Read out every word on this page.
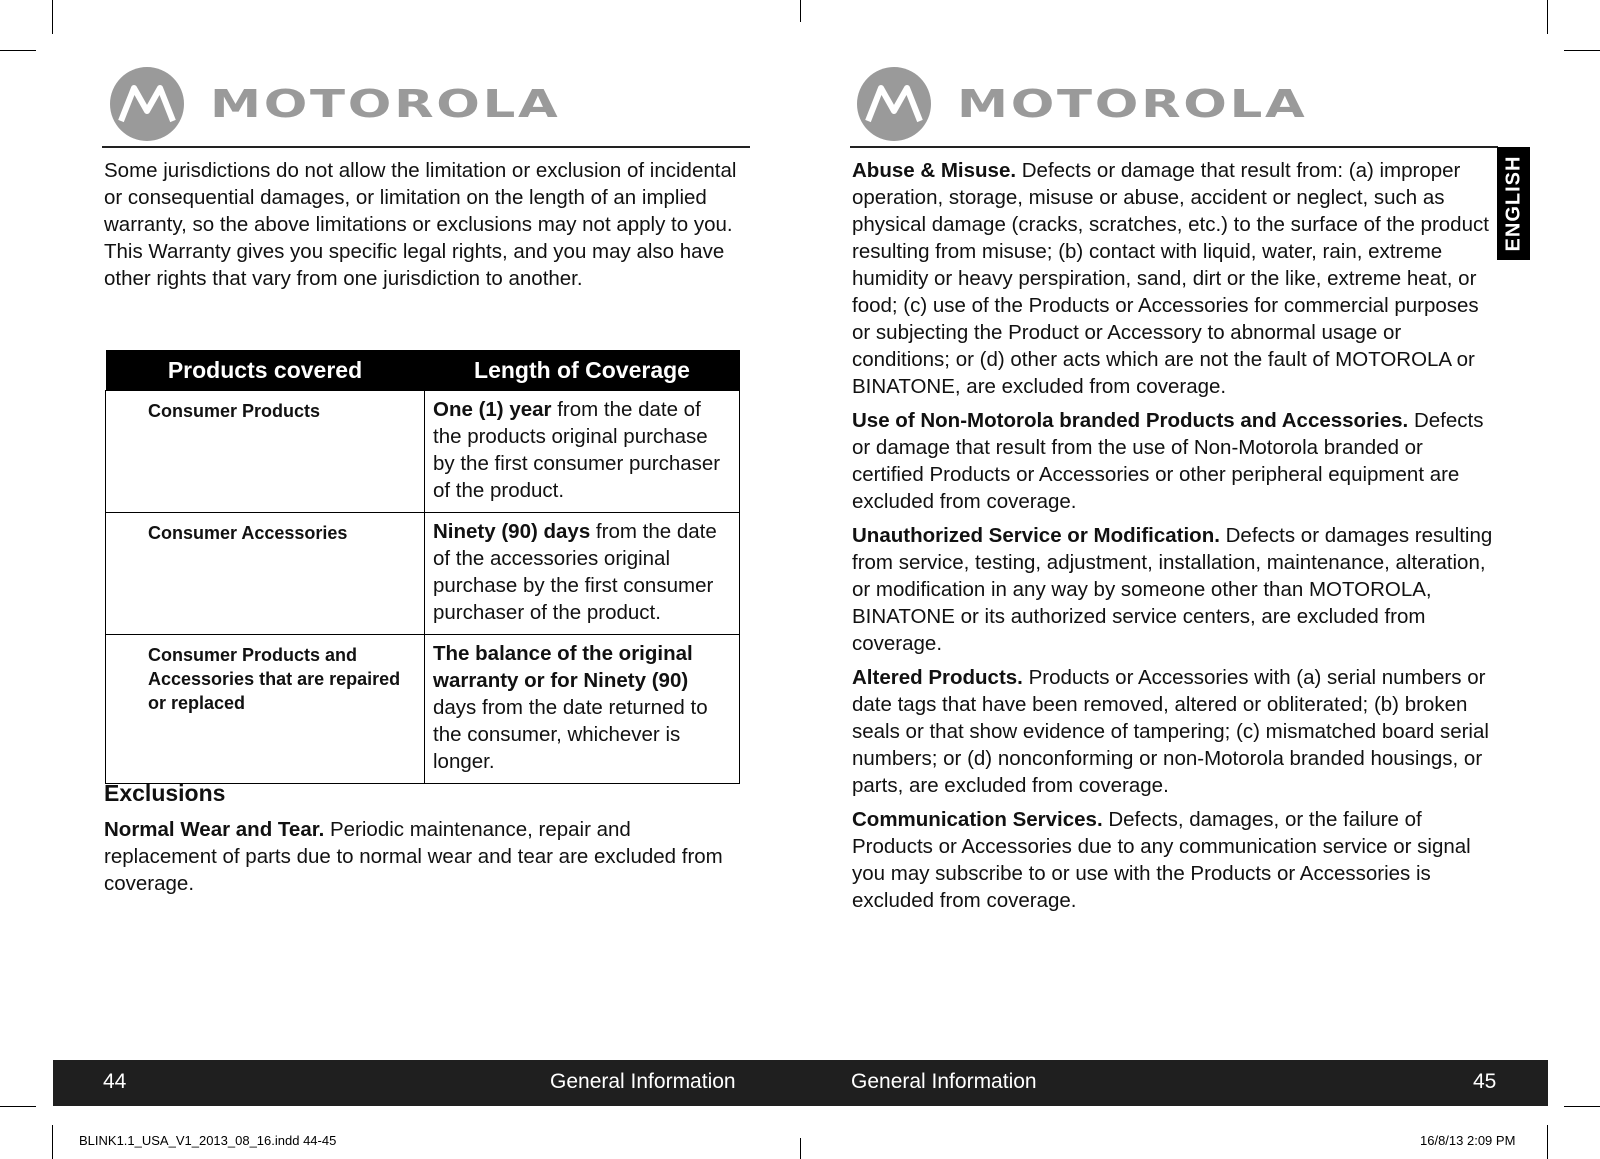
MOTOROLA	MOTOROLA

Some jurisdictions do not allow the limitation or exclusion of incidental or consequential damages, or limitation on the length of an implied warranty, so the above limitations or exclusions may not apply to you. This Warranty gives you specific legal rights, and you may also have other rights that vary from one jurisdiction to another.

Products covered	Length of Coverage
Consumer Products	One (1) year from the date of the products original purchase by the first consumer purchaser of the product.
Consumer Accessories	Ninety (90) days from the date of the accessories original purchase by the first consumer purchaser of the product.
Consumer Products and Accessories that are repaired or replaced	The balance of the original warranty or for Ninety (90) days from the date returned to the consumer, whichever is longer.
Exclusions

Normal Wear and Tear. Periodic maintenance, repair and replacement of parts due to normal wear and tear are excluded from coverage.

Abuse & Misuse. Defects or damage that result from: (a) improper operation, storage, misuse or abuse, accident or neglect, such as physical damage (cracks, scratches, etc.) to the surface of the product resulting from misuse; (b) contact with liquid, water, rain, extreme humidity or heavy perspiration, sand, dirt or the like, extreme heat, or food; (c) use of the Products or Accessories for commercial purposes or subjecting the Product or Accessory to abnormal usage or conditions; or (d) other acts which are not the fault of MOTOROLA or BINATONE, are excluded from coverage.

Use of Non-Motorola branded Products and Accessories. Defects or damage that result from the use of Non-Motorola branded or certified Products or Accessories or other peripheral equipment are excluded from coverage.

Unauthorized Service or Modification. Defects or damages resulting from service, testing, adjustment, installation, maintenance, alteration, or modification in any way by someone other than MOTOROLA, BINATONE or its authorized service centers, are excluded from coverage.

Altered Products. Products or Accessories with (a) serial numbers or date tags that have been removed, altered or obliterated; (b) broken seals or that show evidence of tampering; (c) mismatched board serial numbers; or (d) nonconforming or non-Motorola branded housings, or parts, are excluded from coverage.

Communication Services. Defects, damages, or the failure of Products or Accessories due to any communication service or signal you may subscribe to or use with the Products or Accessories is excluded from coverage.

ENGLISH
44	General Information	General Information	45
BLINK1.1_USA_V1_2013_08_16.indd 44-45	16/8/13 2:09 PM
